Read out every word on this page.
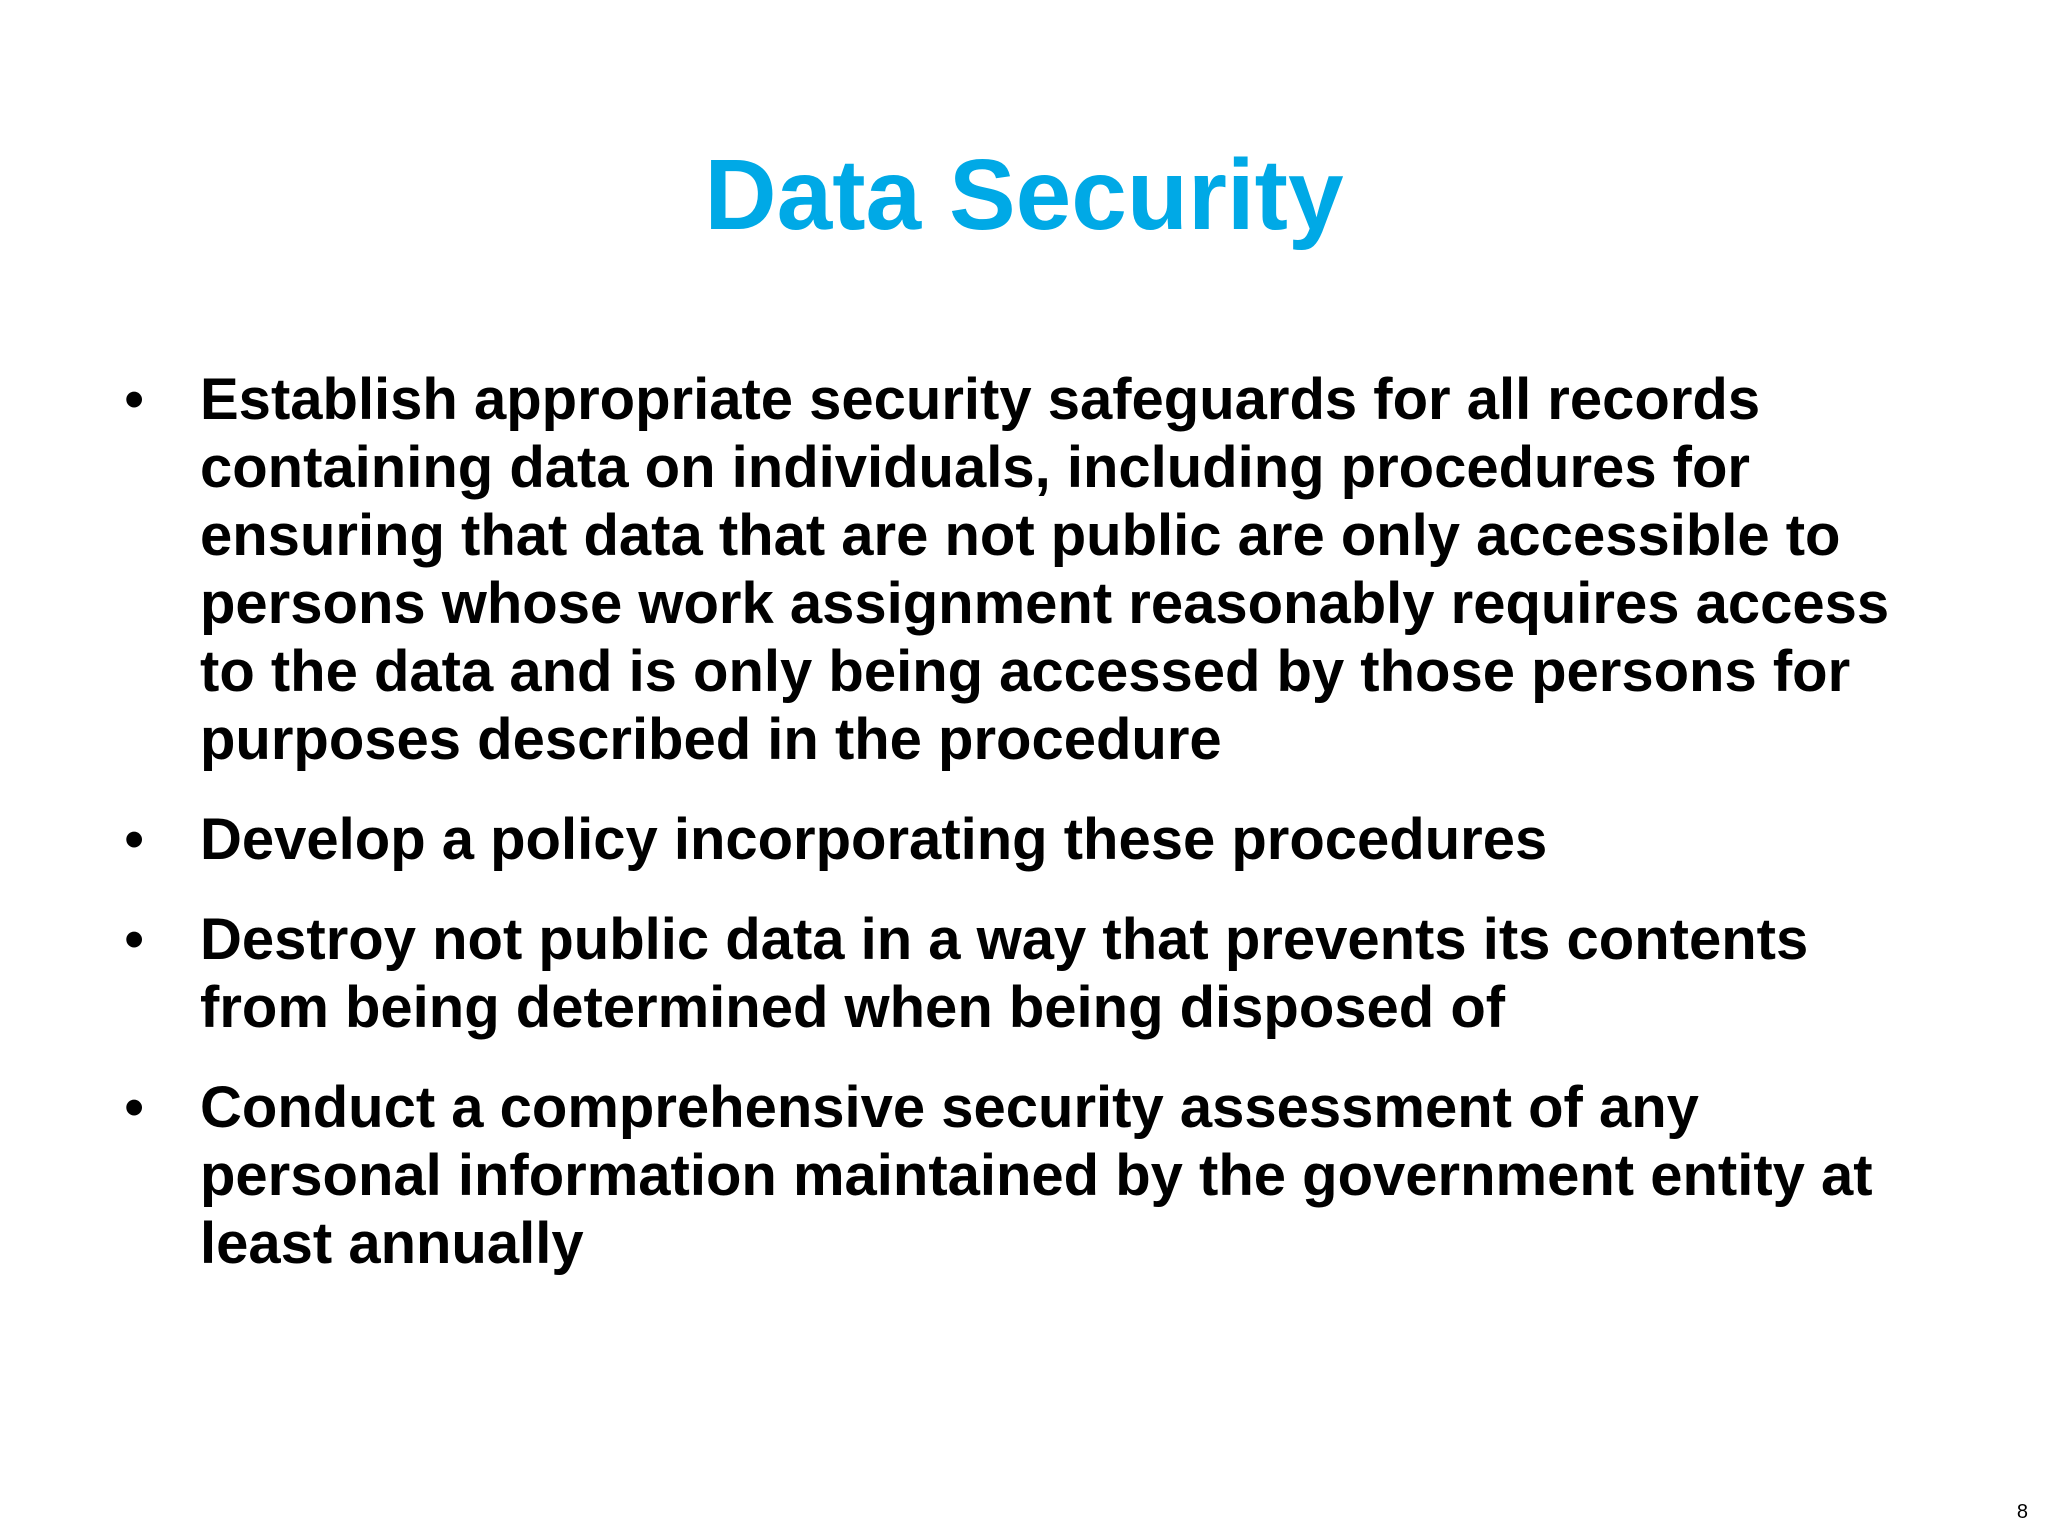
Data Security
• Establish appropriate security safeguards for all records containing data on individuals, including procedures for ensuring that data that are not public are only accessible to persons whose work assignment reasonably requires access to the data and is only being accessed by those persons for purposes described in the procedure
• Develop a policy incorporating these procedures
• Destroy not public data in a way that prevents its contents from being determined when being disposed of
• Conduct a comprehensive security assessment of any personal information maintained by the government entity at least annually
8
